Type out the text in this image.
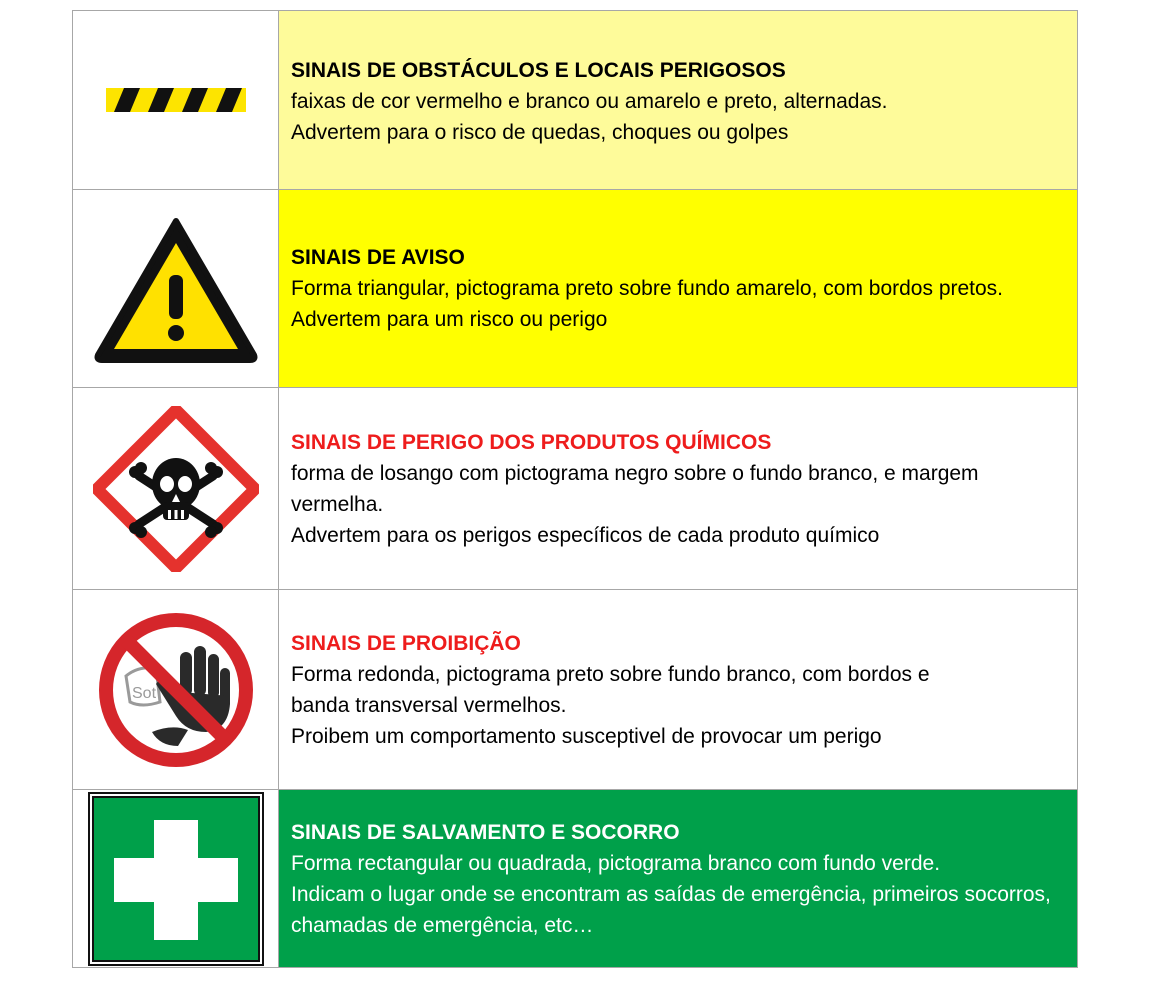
SINAIS DE OBSTÁCULOS E LOCAIS PERIGOSOS
faixas de cor vermelho e branco ou amarelo e preto, alternadas.
Advertem para o risco de quedas, choques ou golpes
SINAIS DE AVISO
Forma triangular, pictograma preto sobre fundo amarelo, com bordos pretos.
Advertem para um risco ou perigo
SINAIS DE PERIGO DOS PRODUTOS QUÍMICOS
forma de losango com pictograma negro sobre o fundo branco, e margem vermelha.
Advertem para os perigos específicos de cada produto químico
Sot
SINAIS DE PROIBIÇÃO
Forma redonda, pictograma preto sobre fundo branco, com bordos e banda transversal vermelhos.
Proibem um comportamento susceptivel de provocar um perigo
SINAIS DE SALVAMENTO E SOCORRO
Forma rectangular ou quadrada, pictograma branco com fundo verde.
Indicam o lugar onde se encontram as saídas de emergência, primeiros socorros, chamadas de emergência, etc…
